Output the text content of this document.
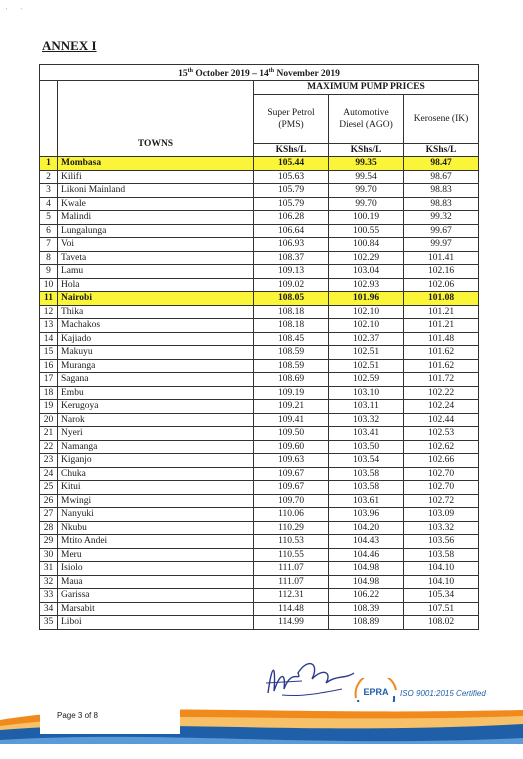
'         '
ANNEX I
15th October 2019 – 14th November 2019				
	TOWNS	MAXIMUM PUMP PRICES		
		Super Petrol (PMS)	Automotive Diesel (AGO)	Kerosene (IK)
		KShs/L	KShs/L	KShs/L
1	Mombasa	105.44	99.35	98.47
2	Kilifi	105.63	99.54	98.67
3	Likoni Mainland	105.79	99.70	98.83
4	Kwale	105.79	99.70	98.83
5	Malindi	106.28	100.19	99.32
6	Lungalunga	106.64	100.55	99.67
7	Voi	106.93	100.84	99.97
8	Taveta	108.37	102.29	101.41
9	Lamu	109.13	103.04	102.16
10	Hola	109.02	102.93	102.06
11	Nairobi	108.05	101.96	101.08
12	Thika	108.18	102.10	101.21
13	Machakos	108.18	102.10	101.21
14	Kajiado	108.45	102.37	101.48
15	Makuyu	108.59	102.51	101.62
16	Muranga	108.59	102.51	101.62
17	Sagana	108.69	102.59	101.72
18	Embu	109.19	103.10	102.22
19	Kerugoya	109.21	103.11	102.24
20	Narok	109.41	103.32	102.44
21	Nyeri	109.50	103.41	102.53
22	Namanga	109.60	103.50	102.62
23	Kiganjo	109.63	103.54	102.66
24	Chuka	109.67	103.58	102.70
25	Kitui	109.67	103.58	102.70
26	Mwingi	109.70	103.61	102.72
27	Nanyuki	110.06	103.96	103.09
28	Nkubu	110.29	104.20	103.32
29	Mtito Andei	110.53	104.43	103.56
30	Meru	110.55	104.46	103.58
31	Isiolo	111.07	104.98	104.10
32	Maua	111.07	104.98	104.10
33	Garissa	112.31	106.22	105.34
34	Marsabit	114.48	108.39	107.51
35	Liboi	114.99	108.89	108.02
EPRA ISO 9001:2015 Certified
Page 3 of 8
